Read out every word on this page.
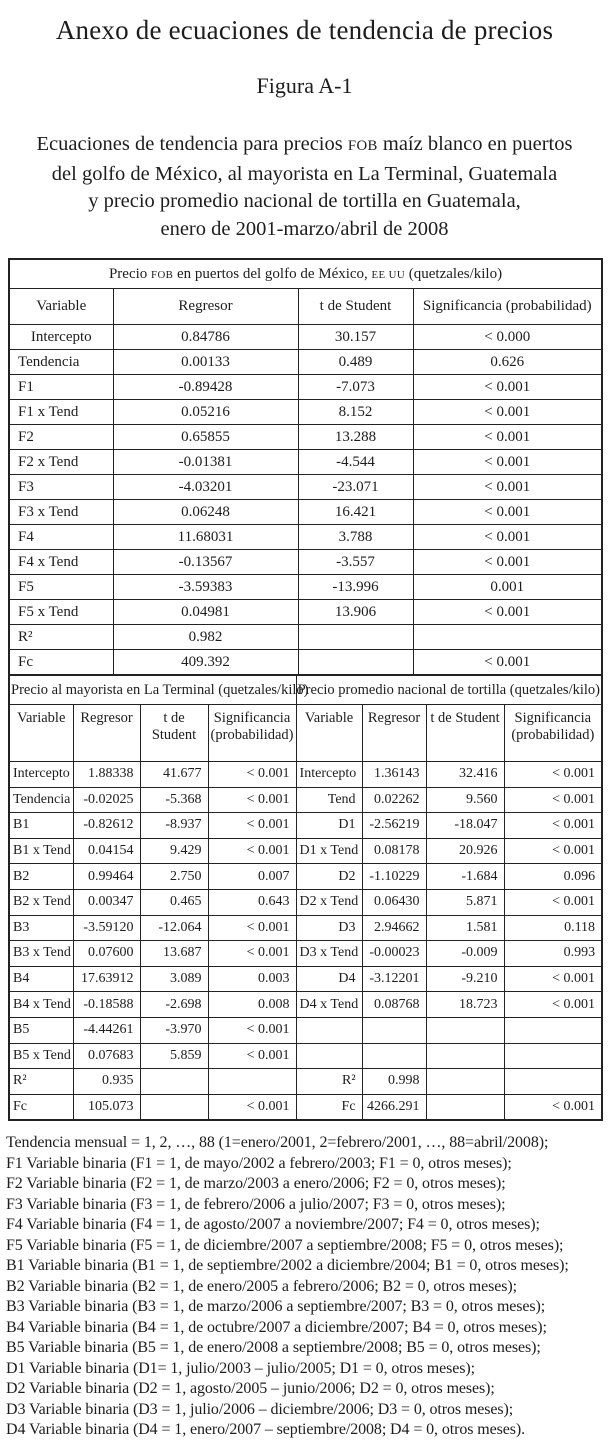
Anexo de ecuaciones de tendencia de precios
Figura A-1
Ecuaciones de tendencia para precios FOB maíz blanco en puertos
del golfo de México, al mayorista en La Terminal, Guatemala
y precio promedio nacional de tortilla en Guatemala,
enero de 2001-marzo/abril de 2008
Precio FOB en puertos del golfo de México, EE UU (quetzales/kilo)			
Variable	Regresor	t de Student	Significancia (probabilidad)
Intercepto	0.84786	30.157	< 0.000
Tendencia	0.00133	0.489	0.626
F1	-0.89428	-7.073	< 0.001
F1 x Tend	0.05216	8.152	< 0.001
F2	0.65855	13.288	< 0.001
F2 x Tend	-0.01381	-4.544	< 0.001
F3	-4.03201	-23.071	< 0.001
F3 x Tend	0.06248	16.421	< 0.001
F4	11.68031	3.788	< 0.001
F4 x Tend	-0.13567	-3.557	< 0.001
F5	-3.59383	-13.996	0.001
F5 x Tend	0.04981	13.906	< 0.001
R²	0.982		
Fc	409.392		< 0.001
Precio al mayorista en La Terminal (quetzales/kilo)				Precio promedio nacional de tortilla (quetzales/kilo)			
Variable	Regresor	t de Student	Significancia (probabilidad)	Variable	Regresor	t de Student	Significancia (probabilidad)
Intercepto	1.88338	41.677	< 0.001	Intercepto	1.36143	32.416	< 0.001
Tendencia	-0.02025	-5.368	< 0.001	Tend	0.02262	9.560	< 0.001
B1	-0.82612	-8.937	< 0.001	D1	-2.56219	-18.047	< 0.001
B1 x Tend	0.04154	9.429	< 0.001	D1 x Tend	0.08178	20.926	< 0.001
B2	0.99464	2.750	0.007	D2	-1.10229	-1.684	0.096
B2 x Tend	0.00347	0.465	0.643	D2 x Tend	0.06430	5.871	< 0.001
B3	-3.59120	-12.064	< 0.001	D3	2.94662	1.581	0.118
B3 x Tend	0.07600	13.687	< 0.001	D3 x Tend	-0.00023	-0.009	0.993
B4	17.63912	3.089	0.003	D4	-3.12201	-9.210	< 0.001
B4 x Tend	-0.18588	-2.698	0.008	D4 x Tend	0.08768	18.723	< 0.001
B5	-4.44261	-3.970	< 0.001				
B5 x Tend	0.07683	5.859	< 0.001				
R²	0.935			R²	0.998		
Fc	105.073		< 0.001	Fc	4266.291		< 0.001
Tendencia mensual = 1, 2, …, 88 (1=enero/2001, 2=febrero/2001, …, 88=abril/2008);
F1 Variable binaria (F1 = 1, de mayo/2002 a febrero/2003; F1 = 0, otros meses);
F2 Variable binaria (F2 = 1, de marzo/2003 a enero/2006; F2 = 0, otros meses);
F3 Variable binaria (F3 = 1, de febrero/2006 a julio/2007; F3 = 0, otros meses);
F4 Variable binaria (F4 = 1, de agosto/2007 a noviembre/2007; F4 = 0, otros meses);
F5 Variable binaria (F5 = 1, de diciembre/2007 a septiembre/2008; F5 = 0, otros meses);
B1 Variable binaria (B1 = 1, de septiembre/2002 a diciembre/2004; B1 = 0, otros meses);
B2 Variable binaria (B2 = 1, de enero/2005 a febrero/2006; B2 = 0, otros meses);
B3 Variable binaria (B3 = 1, de marzo/2006 a septiembre/2007; B3 = 0, otros meses);
B4 Variable binaria (B4 = 1, de octubre/2007 a diciembre/2007; B4 = 0, otros meses);
B5 Variable binaria (B5 = 1, de enero/2008 a septiembre/2008; B5 = 0, otros meses);
D1 Variable binaria (D1= 1, julio/2003 – julio/2005; D1 = 0, otros meses);
D2 Variable binaria (D2 = 1, agosto/2005 – junio/2006; D2 = 0, otros meses);
D3 Variable binaria (D3 = 1, julio/2006 – diciembre/2006; D3 = 0, otros meses);
D4 Variable binaria (D4 = 1, enero/2007 – septiembre/2008; D4 = 0, otros meses).
